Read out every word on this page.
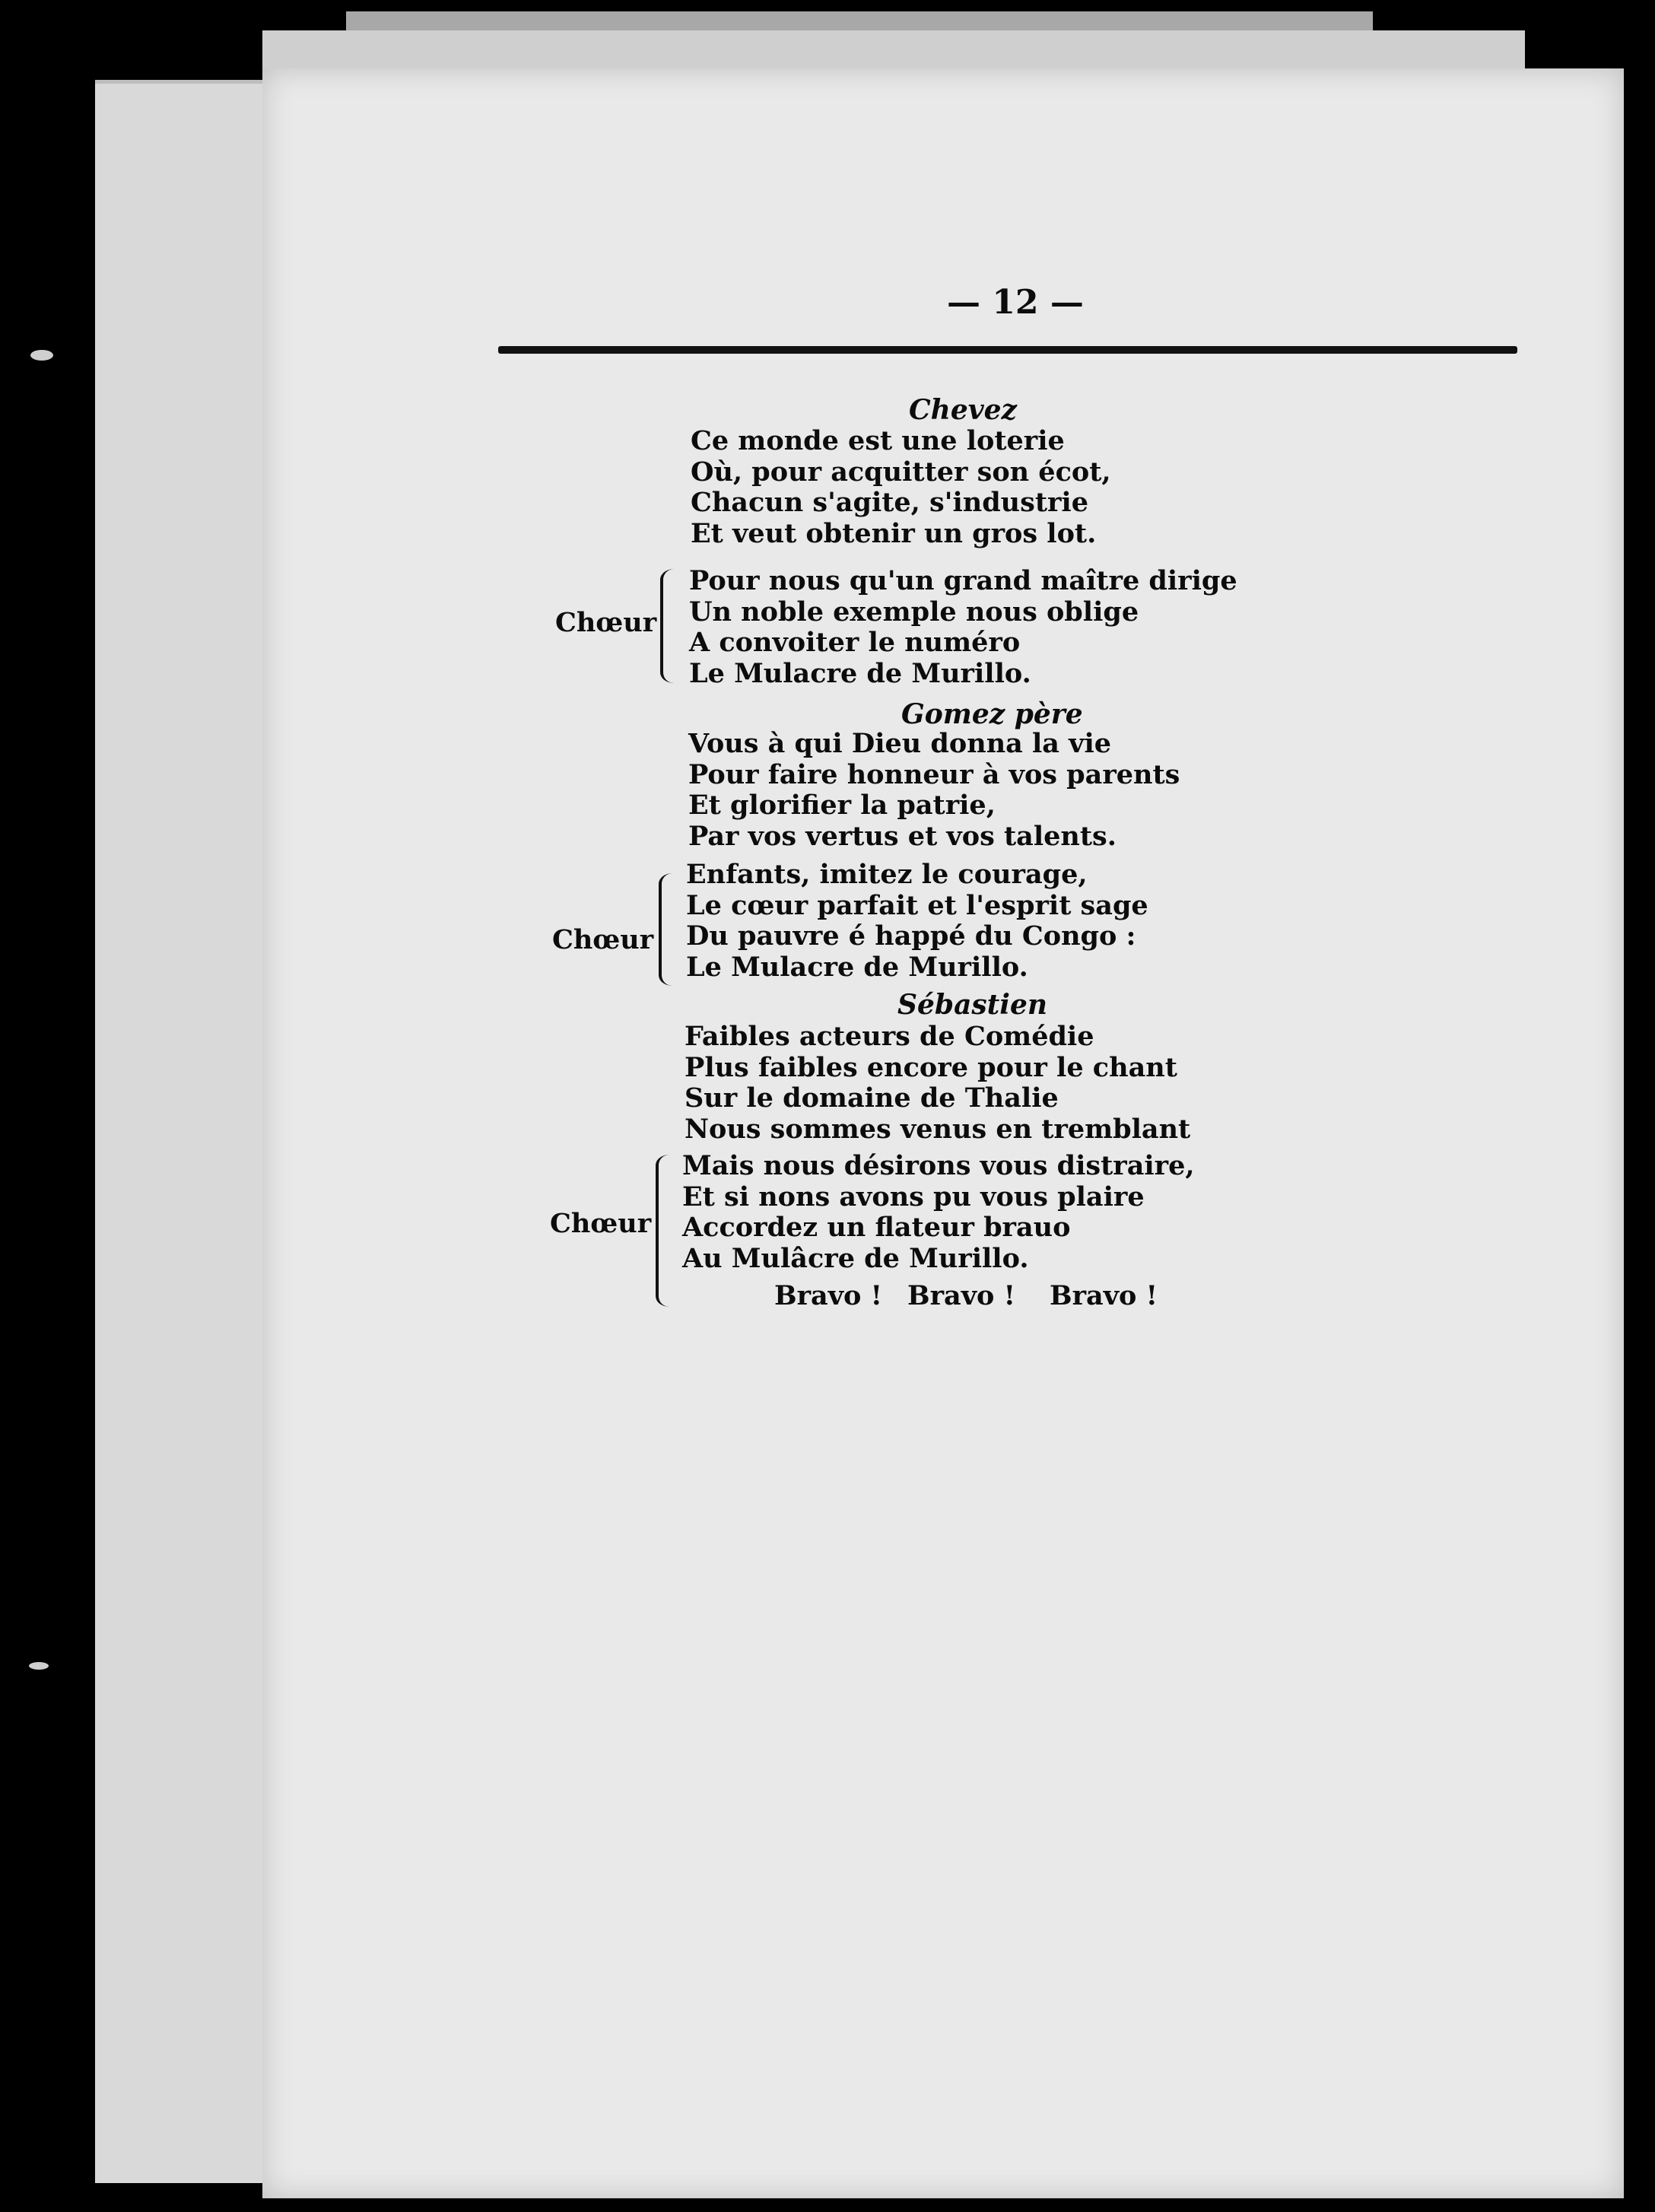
— 12 —
Chevez
Ce monde est une loterie
Où, pour acquitter son écot,
Chacun s'agite, s'industrie
Et veut obtenir un gros lot.
Chœur
Pour nous qu'un grand maître dirige
Un noble exemple nous oblige
A convoiter le numéro
Le Mulacre de Murillo.
Gomez père
Vous à qui Dieu donna la vie
Pour faire honneur à vos parents
Et glorifier la patrie,
Par vos vertus et vos talents.
Chœur
Enfants, imitez le courage,
Le cœur parfait et l'esprit sage
Du pauvre é happé du Congo :
Le Mulacre de Murillo.
Sébastien
Faibles acteurs de Comédie
Plus faibles encore pour le chant
Sur le domaine de Thalie
Nous sommes venus en tremblant
Chœur
Mais nous désirons vous distraire,
Et si nons avons pu vous plaire
Accordez un flateur brauo
Au Mulâcre de Murillo.
Bravo ! Bravo ! Bravo !
